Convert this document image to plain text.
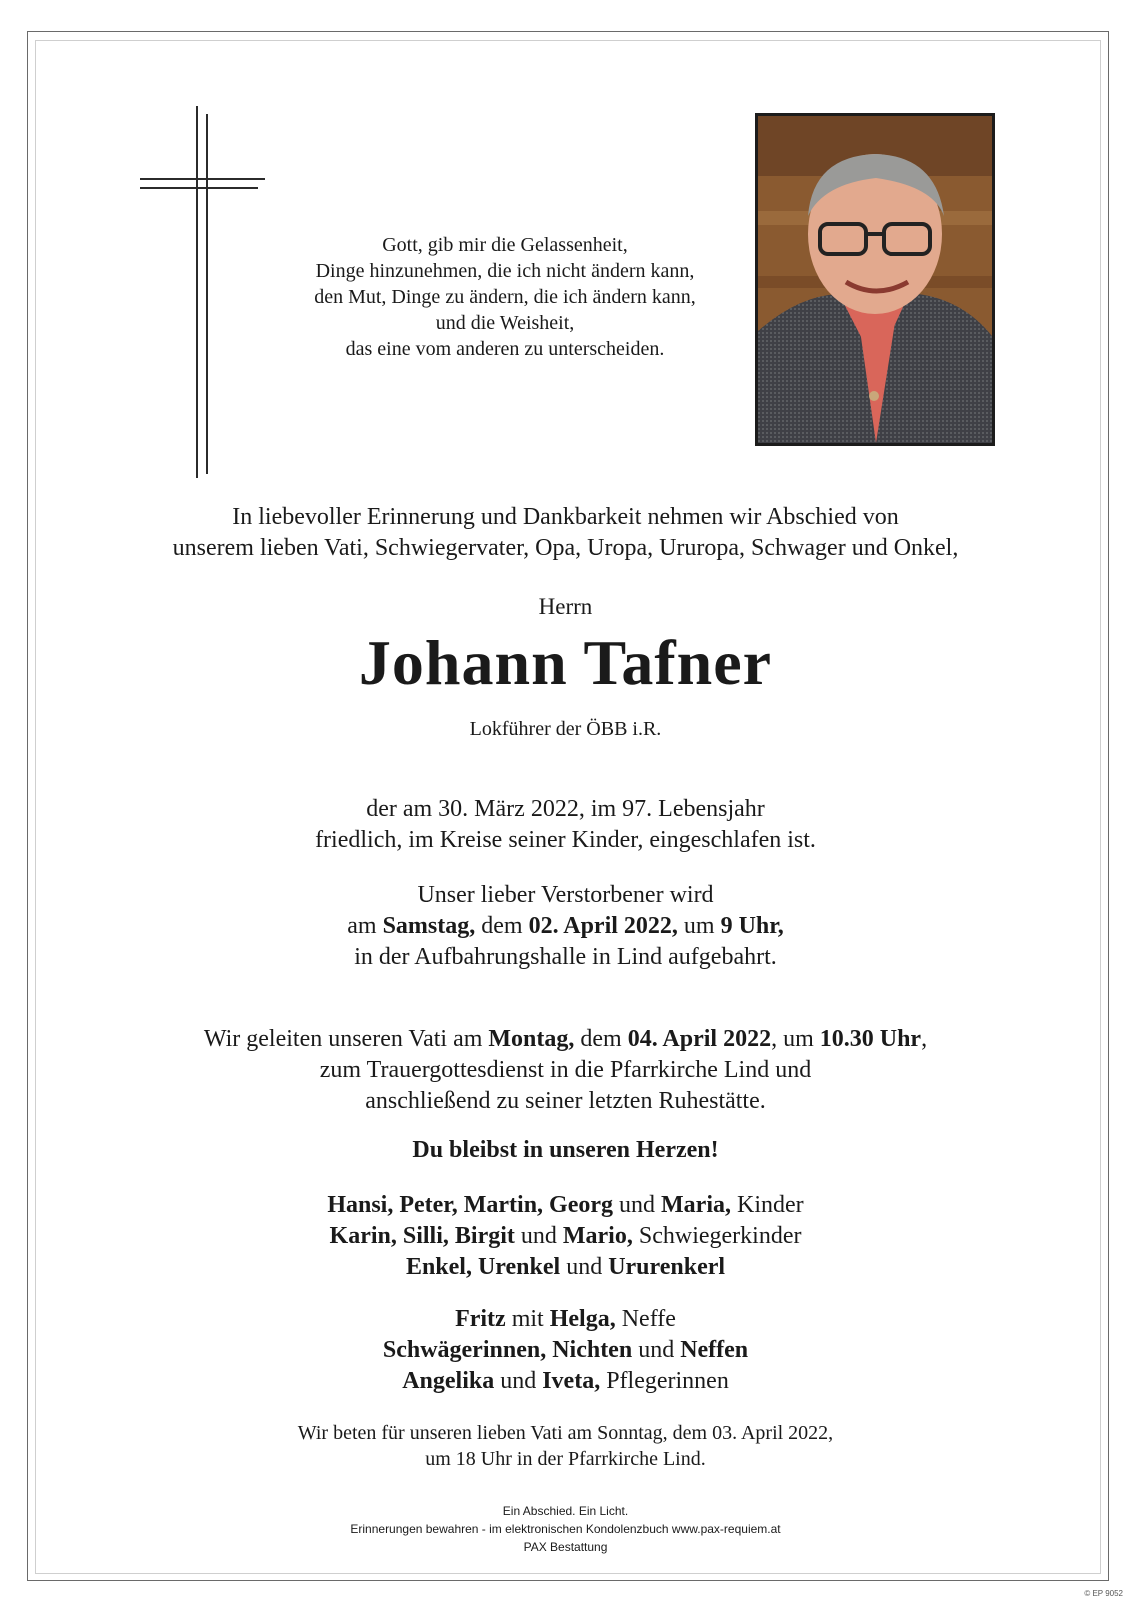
Gott, gib mir die Gelassenheit,
Dinge hinzunehmen, die ich nicht ändern kann,
den Mut, Dinge zu ändern, die ich ändern kann,
und die Weisheit,
das eine vom anderen zu unterscheiden.
In liebevoller Erinnerung und Dankbarkeit nehmen wir Abschied von
unserem lieben Vati, Schwiegervater, Opa, Uropa, Ururopa, Schwager und Onkel,
Herrn
Johann Tafner
Lokführer der ÖBB i.R.
der am 30. März 2022, im 97. Lebensjahr
friedlich, im Kreise seiner Kinder, eingeschlafen ist.
Unser lieber Verstorbener wird
am Samstag, dem 02. April 2022, um 9 Uhr,
in der Aufbahrungshalle in Lind aufgebahrt.
Wir geleiten unseren Vati am Montag, dem 04. April 2022, um 10.30 Uhr,
zum Trauergottesdienst in die Pfarrkirche Lind und
anschließend zu seiner letzten Ruhestätte.
Du bleibst in unseren Herzen!
Hansi, Peter, Martin, Georg und Maria, Kinder
Karin, Silli, Birgit und Mario, Schwiegerkinder
Enkel, Urenkel und Ururenkerl
Fritz mit Helga, Neffe
Schwägerinnen, Nichten und Neffen
Angelika und Iveta, Pflegerinnen
Wir beten für unseren lieben Vati am Sonntag, dem 03. April 2022,
um 18 Uhr in der Pfarrkirche Lind.
Ein Abschied. Ein Licht.
Erinnerungen bewahren - im elektronischen Kondolenzbuch www.pax-requiem.at
PAX Bestattung
© EP 9052
